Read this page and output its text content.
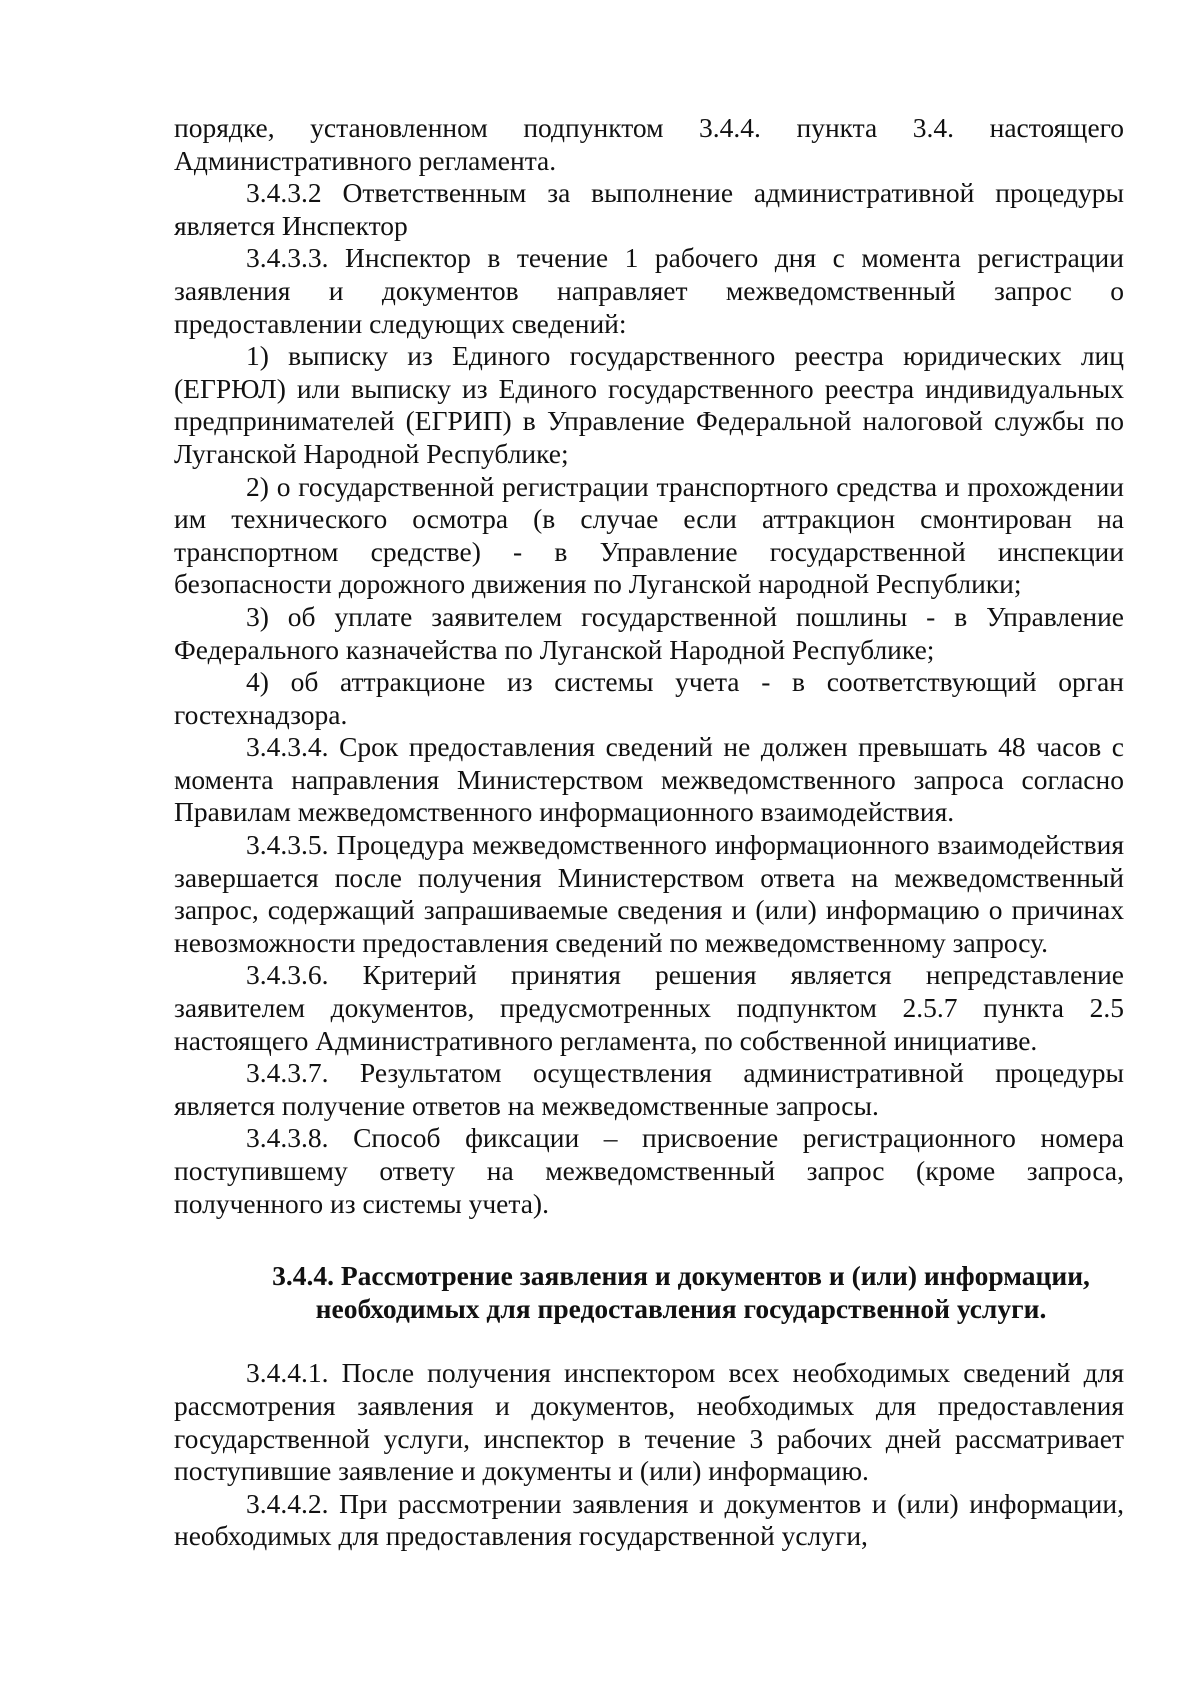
порядке, установленном подпунктом 3.4.4. пункта 3.4. настоящего Административного регламента.

3.4.3.2 Ответственным за выполнение административной процедуры является Инспектор

3.4.3.3. Инспектор в течение 1 рабочего дня с момента регистрации заявления и документов направляет межведомственный запрос о предоставлении следующих сведений:

1) выписку из Единого государственного реестра юридических лиц (ЕГРЮЛ) или выписку из Единого государственного реестра индивидуальных предпринимателей (ЕГРИП) в Управление Федеральной налоговой службы по Луганской Народной Республике;

2) о государственной регистрации транспортного средства и прохождении им технического осмотра (в случае если аттракцион смонтирован на транспортном средстве) - в Управление государственной инспекции безопасности дорожного движения по Луганской народной Республики;

3) об уплате заявителем государственной пошлины - в Управление Федерального казначейства по Луганской Народной Республике;

4) об аттракционе из системы учета - в соответствующий орган гостехнадзора.

3.4.3.4. Срок предоставления сведений не должен превышать 48 часов с момента направления Министерством межведомственного запроса согласно Правилам межведомственного информационного взаимодействия.

3.4.3.5. Процедура межведомственного информационного взаимодействия завершается после получения Министерством ответа на межведомственный запрос, содержащий запрашиваемые сведения и (или) информацию о причинах невозможности предоставления сведений по межведомственному запросу.

3.4.3.6. Критерий принятия решения является непредставление заявителем документов, предусмотренных подпунктом 2.5.7 пункта 2.5 настоящего Административного регламента, по собственной инициативе.

3.4.3.7. Результатом осуществления административной процедуры является получение ответов на межведомственные запросы.

3.4.3.8. Способ фиксации – присвоение регистрационного номера поступившему ответу на межведомственный запрос (кроме запроса, полученного из системы учета).

3.4.4. Рассмотрение заявления и документов и (или) информации,
необходимых для предоставления государственной услуги.

3.4.4.1. После получения инспектором всех необходимых сведений для рассмотрения заявления и документов, необходимых для предоставления государственной услуги, инспектор в течение 3 рабочих дней рассматривает поступившие заявление и документы и (или) информацию.

3.4.4.2. При рассмотрении заявления и документов и (или) информации, необходимых для предоставления государственной услуги,
